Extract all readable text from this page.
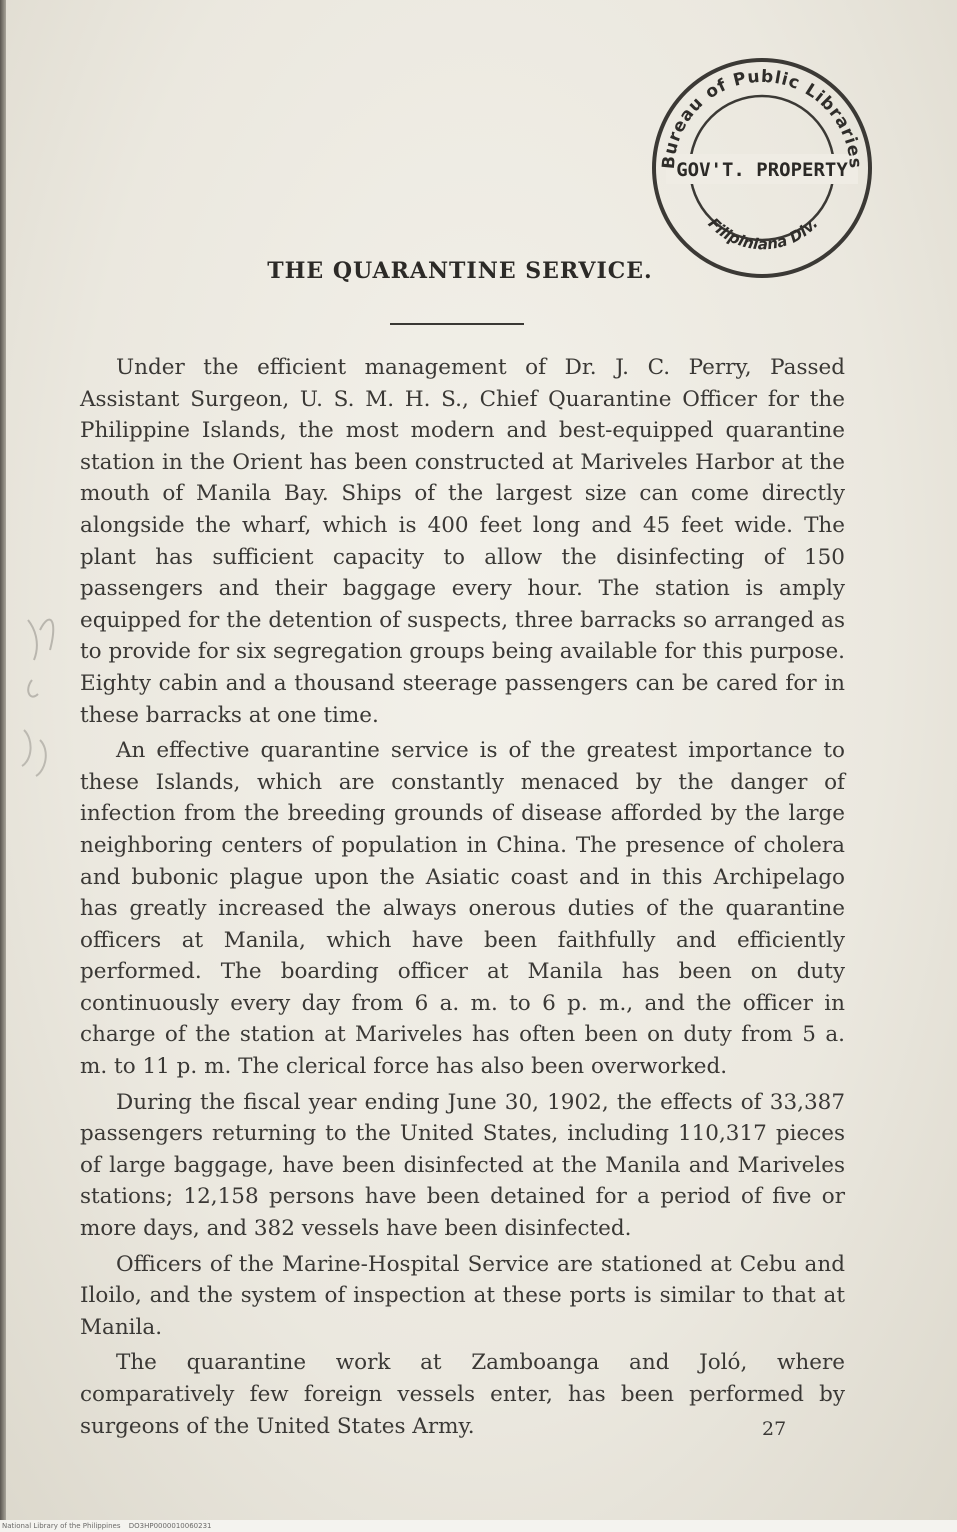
Bureau of Public Libraries
GOV'T. PROPERTY
Filipiniana Div.
THE QUARANTINE SERVICE.

Under the efficient management of Dr. J. C. Perry, Passed Assistant Surgeon, U. S. M. H. S., Chief Quarantine Officer for the Philippine Islands, the most modern and best-equipped quarantine station in the Orient has been constructed at Mariveles Harbor at the mouth of Manila Bay. Ships of the largest size can come directly alongside the wharf, which is 400 feet long and 45 feet wide. The plant has sufficient capacity to allow the disinfecting of 150 passengers and their baggage every hour. The station is amply equipped for the detention of suspects, three barracks so arranged as to provide for six segregation groups being available for this purpose. Eighty cabin and a thousand steerage passengers can be cared for in these barracks at one time.

An effective quarantine service is of the greatest importance to these Islands, which are constantly menaced by the danger of infection from the breeding grounds of disease afforded by the large neighboring centers of population in China. The presence of cholera and bubonic plague upon the Asiatic coast and in this Archipelago has greatly increased the always onerous duties of the quarantine officers at Manila, which have been faithfully and efficiently performed. The boarding officer at Manila has been on duty continuously every day from 6 a. m. to 6 p. m., and the officer in charge of the station at Mariveles has often been on duty from 5 a. m. to 11 p. m. The clerical force has also been overworked.

During the fiscal year ending June 30, 1902, the effects of 33,387 passengers returning to the United States, including 110,317 pieces of large baggage, have been disinfected at the Manila and Mariveles stations; 12,158 persons have been detained for a period of five or more days, and 382 vessels have been disinfected.

Officers of the Marine-Hospital Service are stationed at Cebu and Iloilo, and the system of inspection at these ports is similar to that at Manila.

The quarantine work at Zamboanga and Joló, where comparatively few foreign vessels enter, has been performed by surgeons of the United States Army.	27
National Library of the Philippines DO3HP0000010060231
